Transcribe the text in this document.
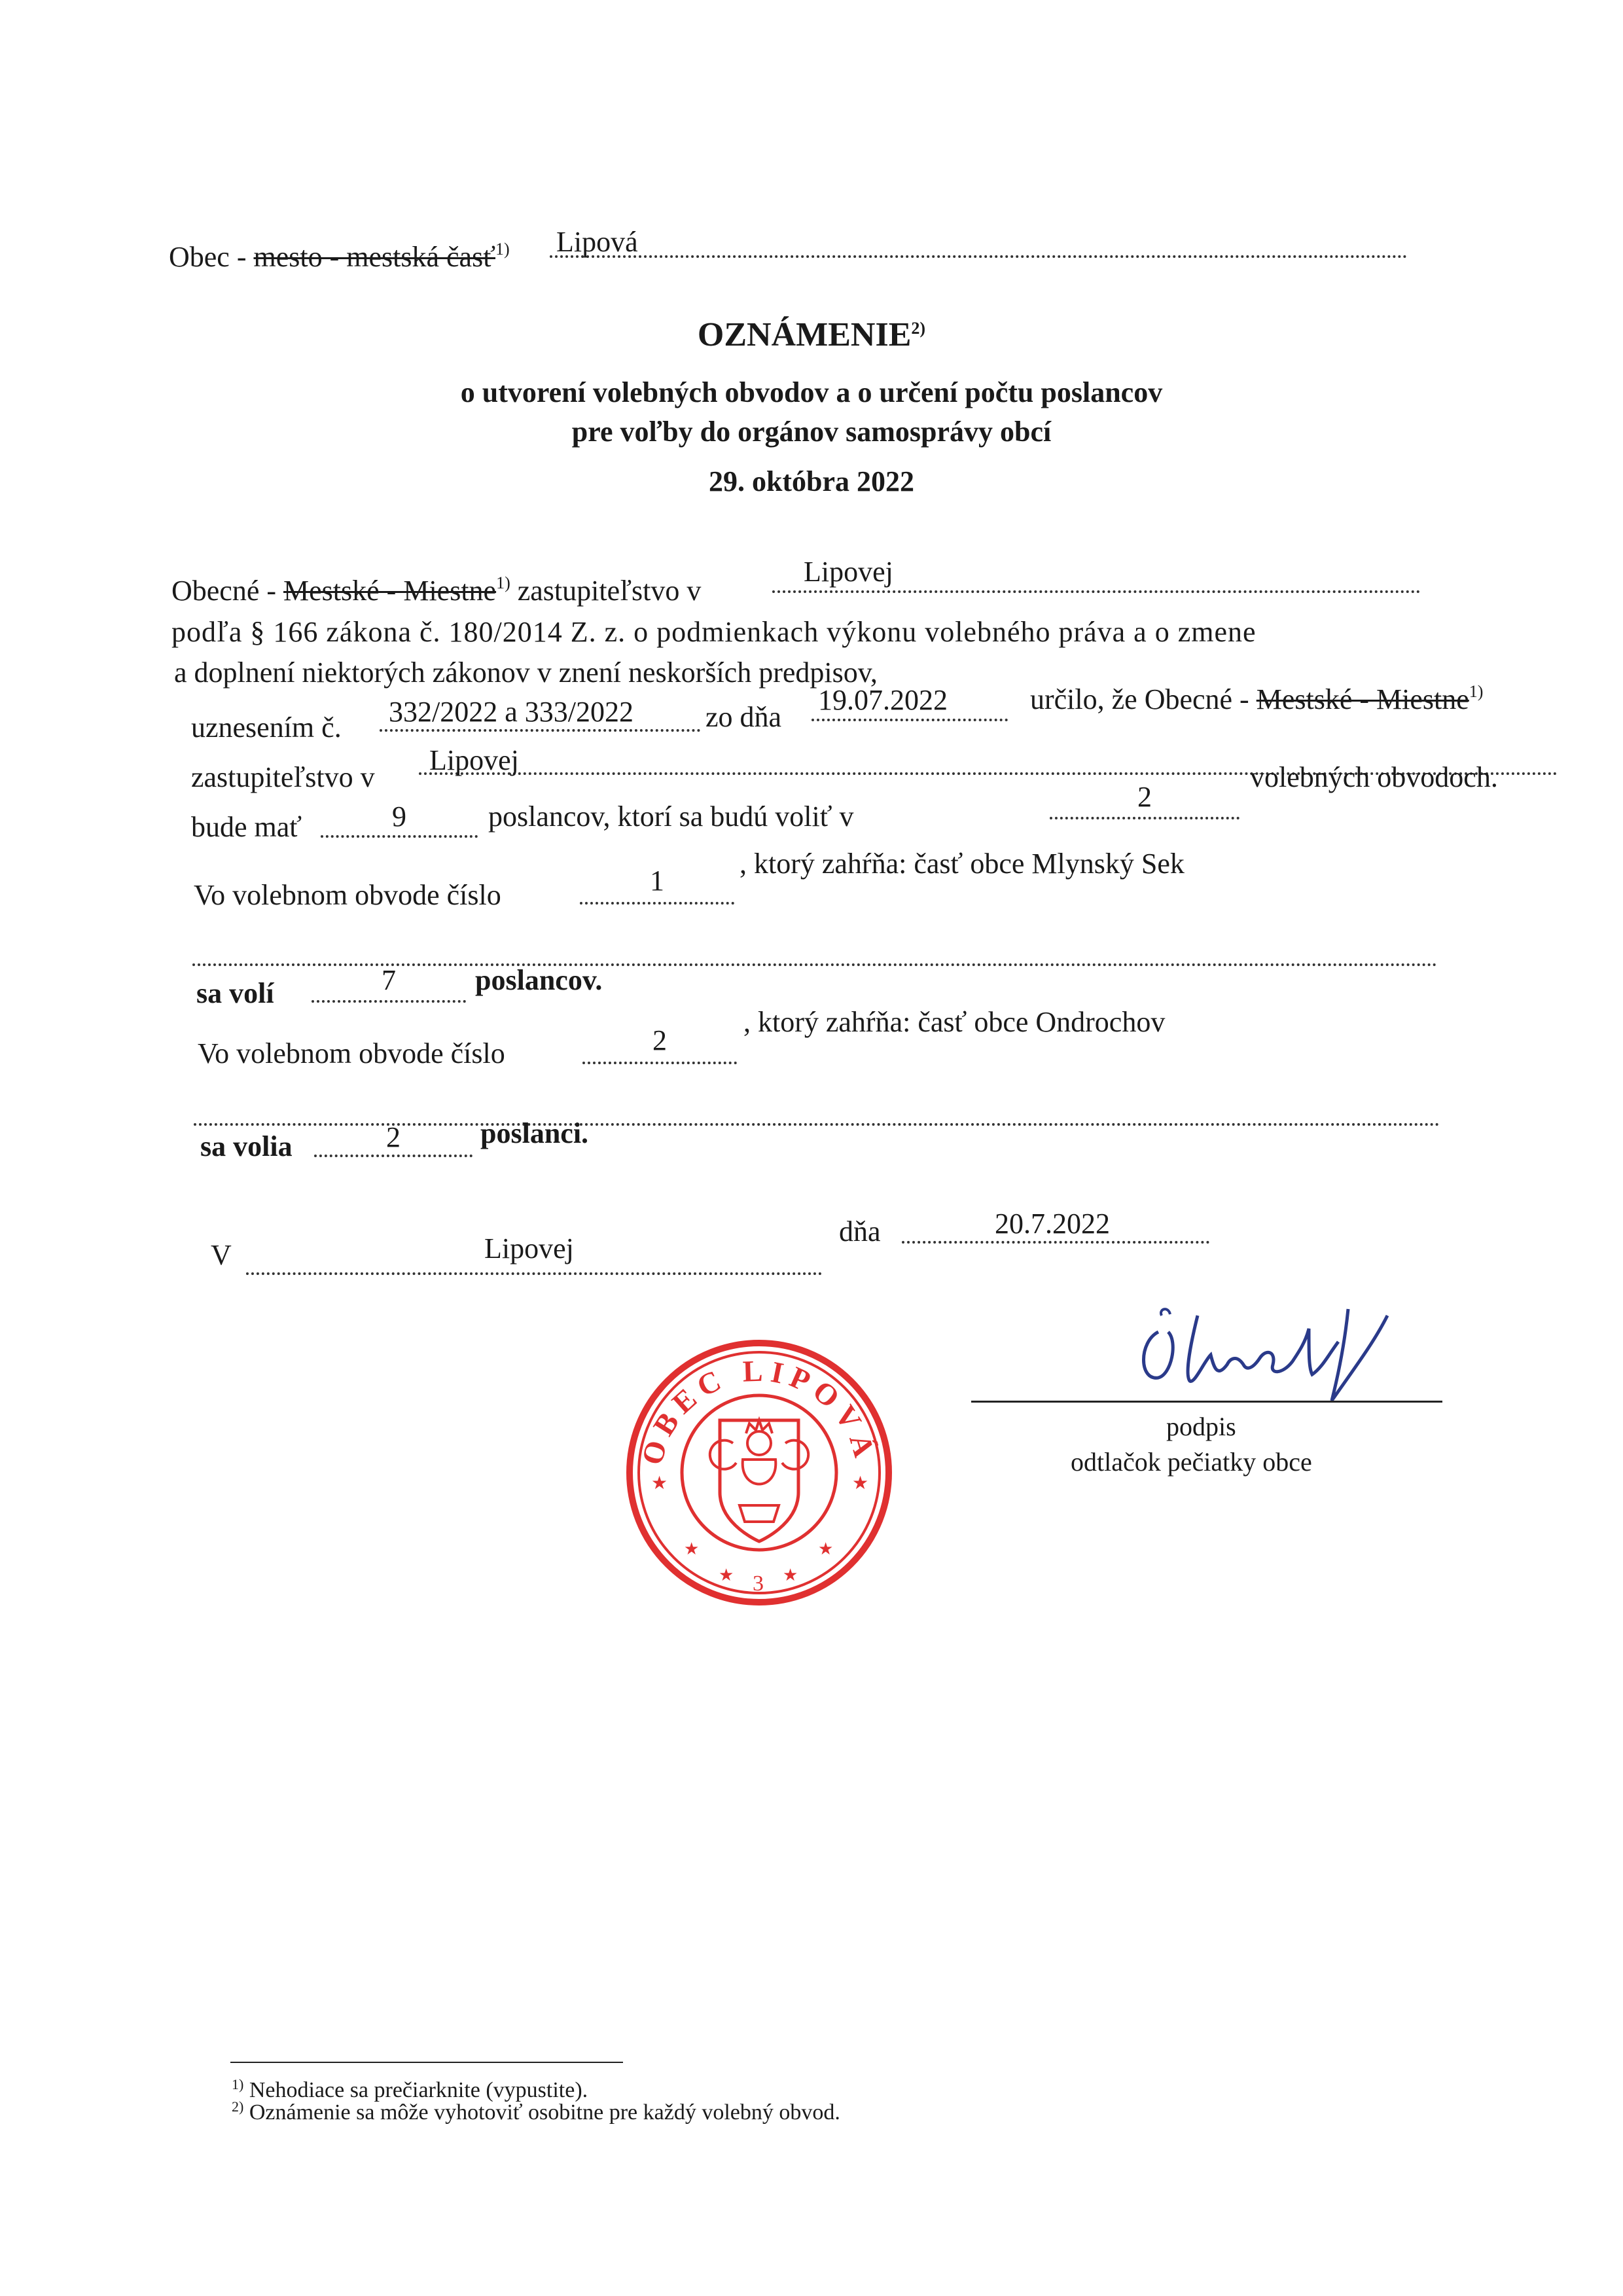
Obec - mesto - mestská časť$^{1)}$ Lipová
OZNÁMENIE$^{2)}$
o utvorení volebných obvodov a o určení počtu poslancov
pre voľby do orgánov samosprávy obcí
29. októbra 2022
Obecné - Mestské - Miestne$^{1)}$ zastupiteľstvo v
Lipovej
podľa § 166 zákona č. 180/2014 Z. z. o podmienkach výkonu volebného práva a o zmene
a doplnení niektorých zákonov v znení neskorších predpisov,
uznesením č. 332/2022 a 333/2022	zo dňa
19.07.2022	určilo, že Obecné - Mestské - Miestne$^{1)}$
zastupiteľstvo v
Lipovej
bude mať	9	poslancov, ktorí sa budú voliť v
2
volebných obvodoch.
Vo volebnom obvode číslo	1
, ktorý zahŕňa: časť obce Mlynský Sek
sa volí	7	poslancov.
Vo volebnom obvode číslo	2
, ktorý zahŕňa: časť obce Ondrochov
sa volia	2	poslanci.
V	Lipovej
dňa	20.7.2022
podpis
odtlačok pečiatky obce
OBEC LIPOVÁ
★	★
★	★
★	★
3
$^{1)}$ Nehodiace sa prečiarknite (vypustite).
$^{2)}$ Oznámenie sa môže vyhotoviť osobitne pre každý volebný obvod.
